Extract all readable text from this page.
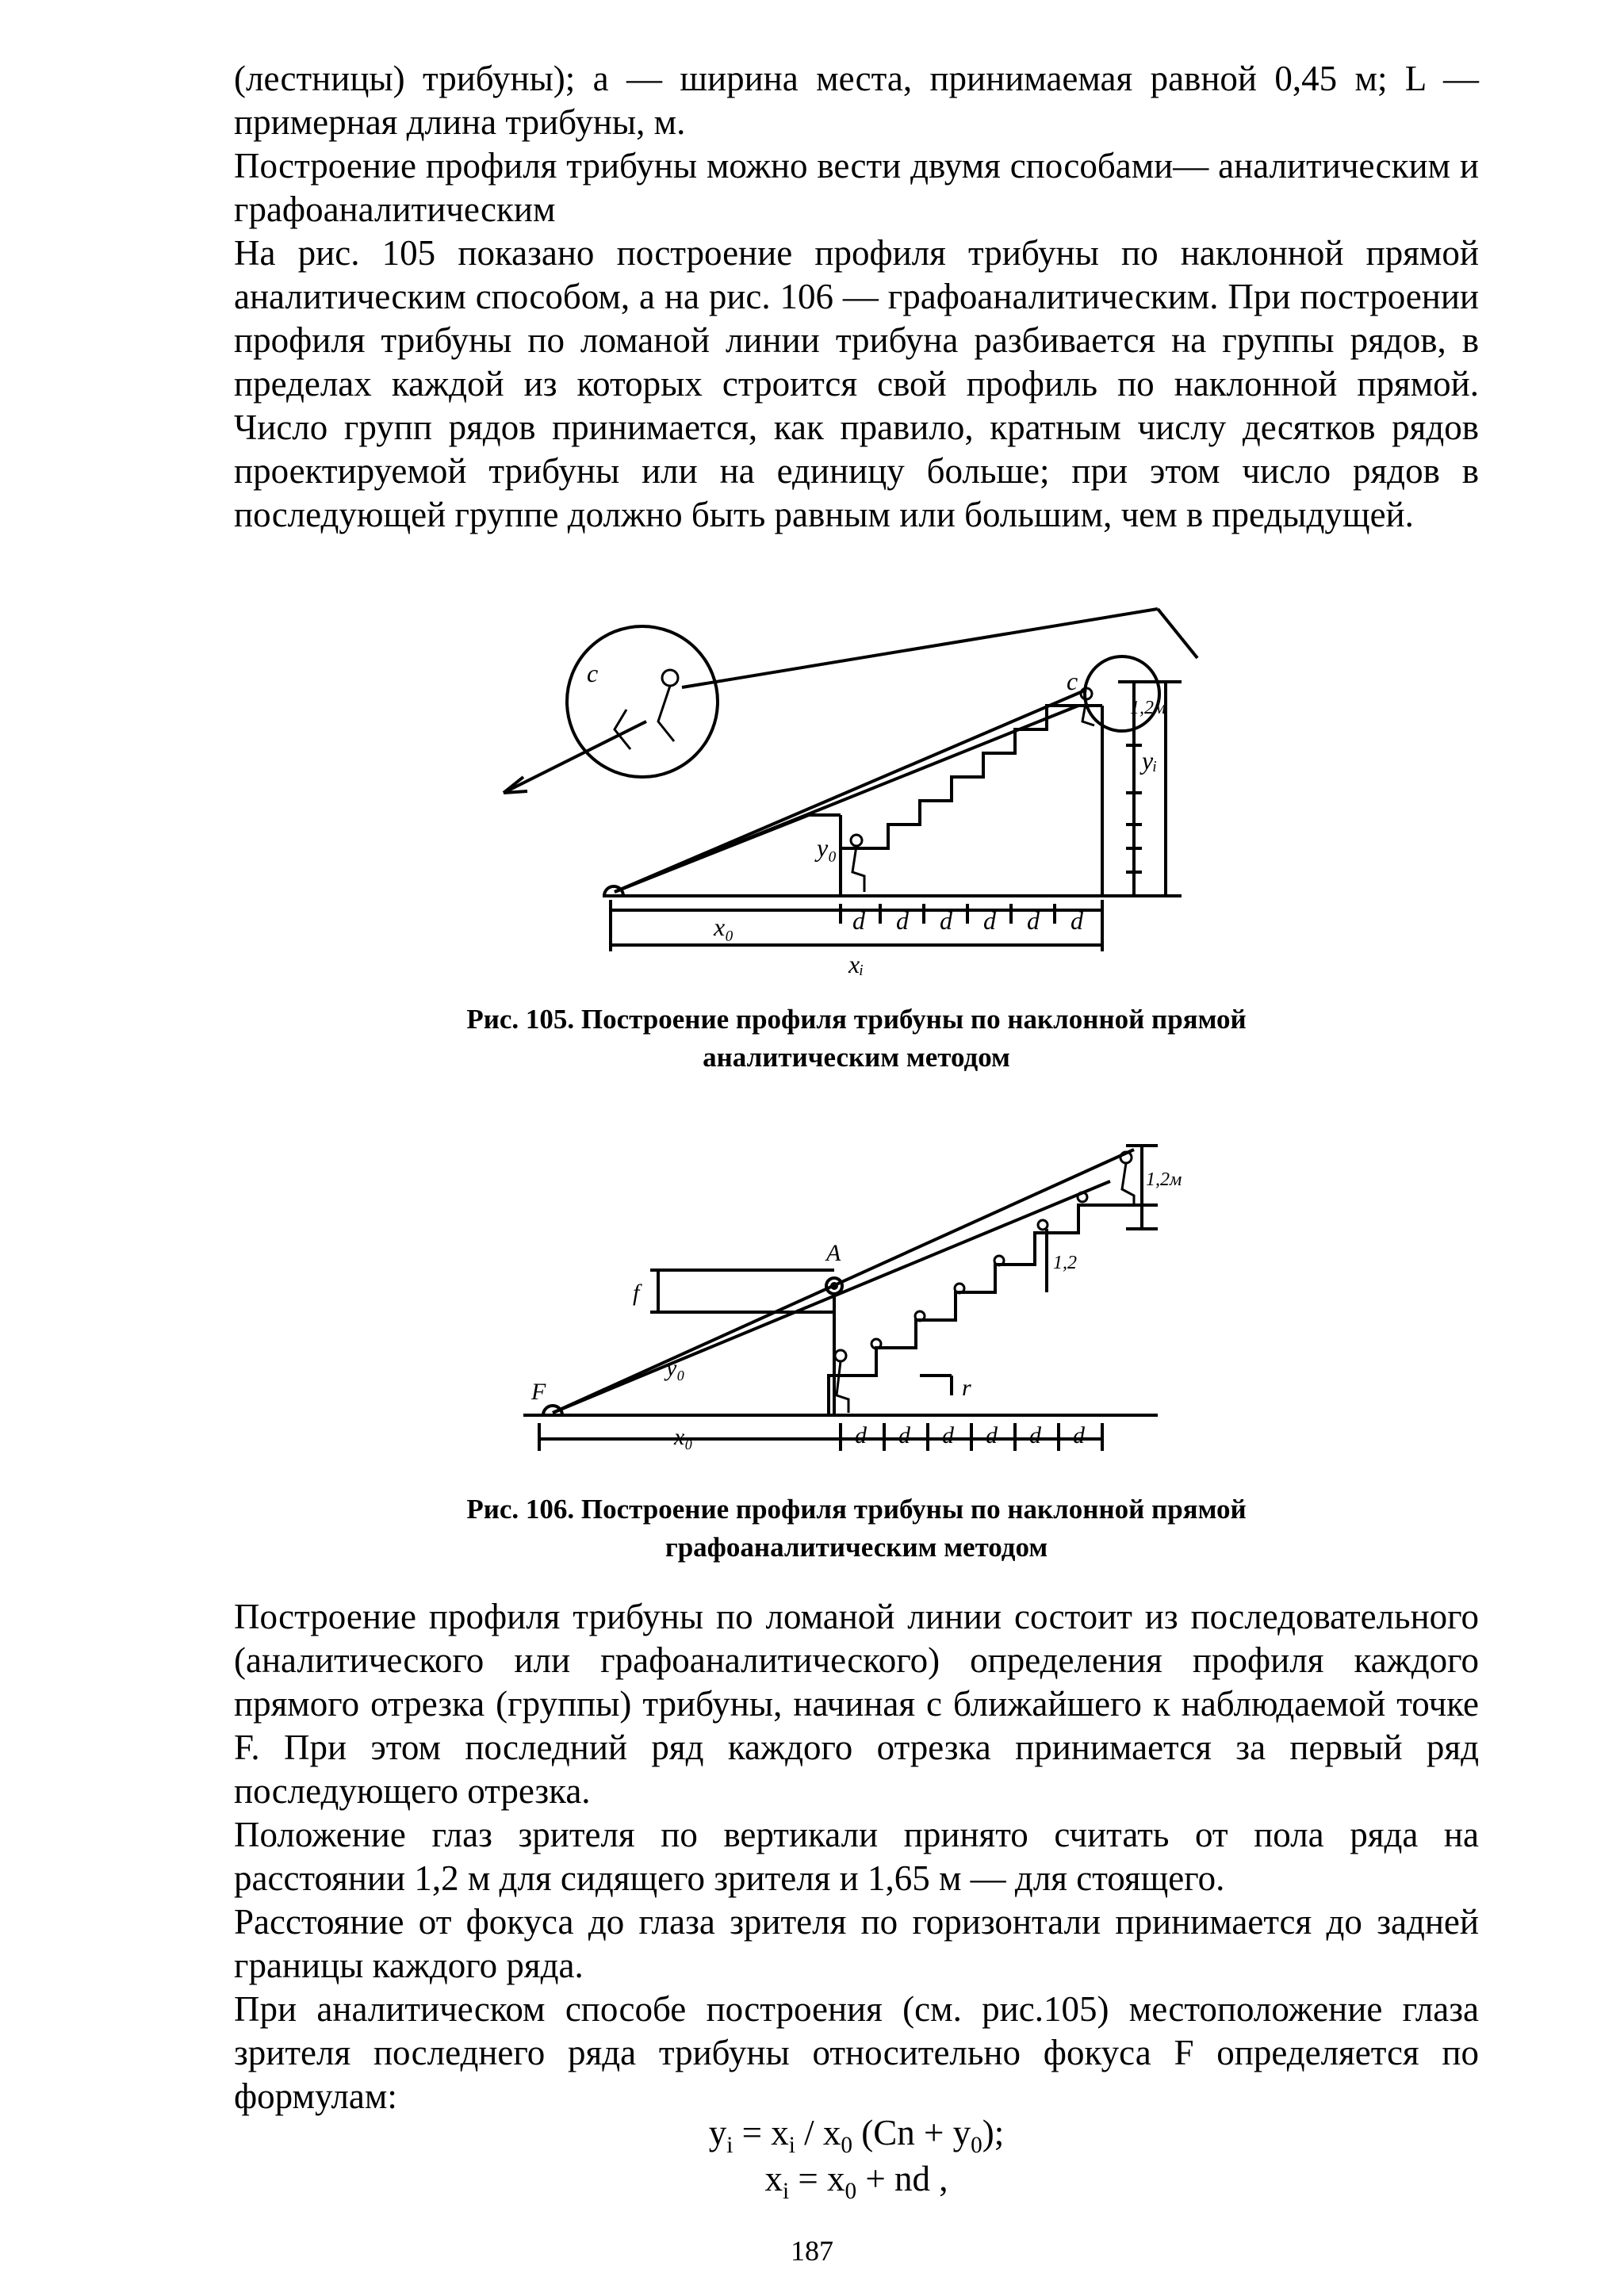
(лестницы) трибуны); а — ширина места, принимаемая равной 0,45 м; L — примерная длина трибуны, м.

Построение профиля трибуны можно вести двумя способами— аналитическим и графоаналитическим

На рис. 105 показано построение профиля трибуны по наклонной прямой аналитическим способом, а на рис. 106 — графоаналитическим. При построении профиля трибуны по ломаной линии трибуна разбивается на группы рядов, в пределах каждой из которых строится свой профиль по наклонной прямой. Число групп рядов принимается, как правило, кратным числу десятков рядов проектируемой трибуны или на единицу больше; при этом число рядов в последующей группе должно быть равным или большим, чем в предыдущей.

c	c
y₀
yᵢ
1,2м
x₀
xᵢ
d d d d d d
Рис. 105. Построение профиля трибуны по наклонной прямой
аналитическим методом
A
F
f
y₀
x₀
r
1,2м
1,2
d d d d d d
Рис. 106. Построение профиля трибуны по наклонной прямой
графоаналитическим методом

Построение профиля трибуны по ломаной линии состоит из последовательного (аналитического или графоаналитического) определения профиля каждого прямого отрезка (группы) трибуны, начиная с ближайшего к наблюдаемой точке F. При этом последний ряд каждого отрезка принимается за первый ряд последующего отрезка.

Положение глаз зрителя по вертикали принято считать от пола ряда на расстоянии 1,2 м для сидящего зрителя и 1,65 м — для стоящего.

Расстояние от фокуса до глаза зрителя по горизонтали принимается до задней границы каждого ряда.

При аналитическом способе построения (см. рис.105) местоположение глаза зрителя последнего ряда трибуны относительно фокуса F определяется по формулам:

$y_i = x_i / x_0$ $(Cn + y_0)$;
$x_i = x_0$ + nd ,
187
